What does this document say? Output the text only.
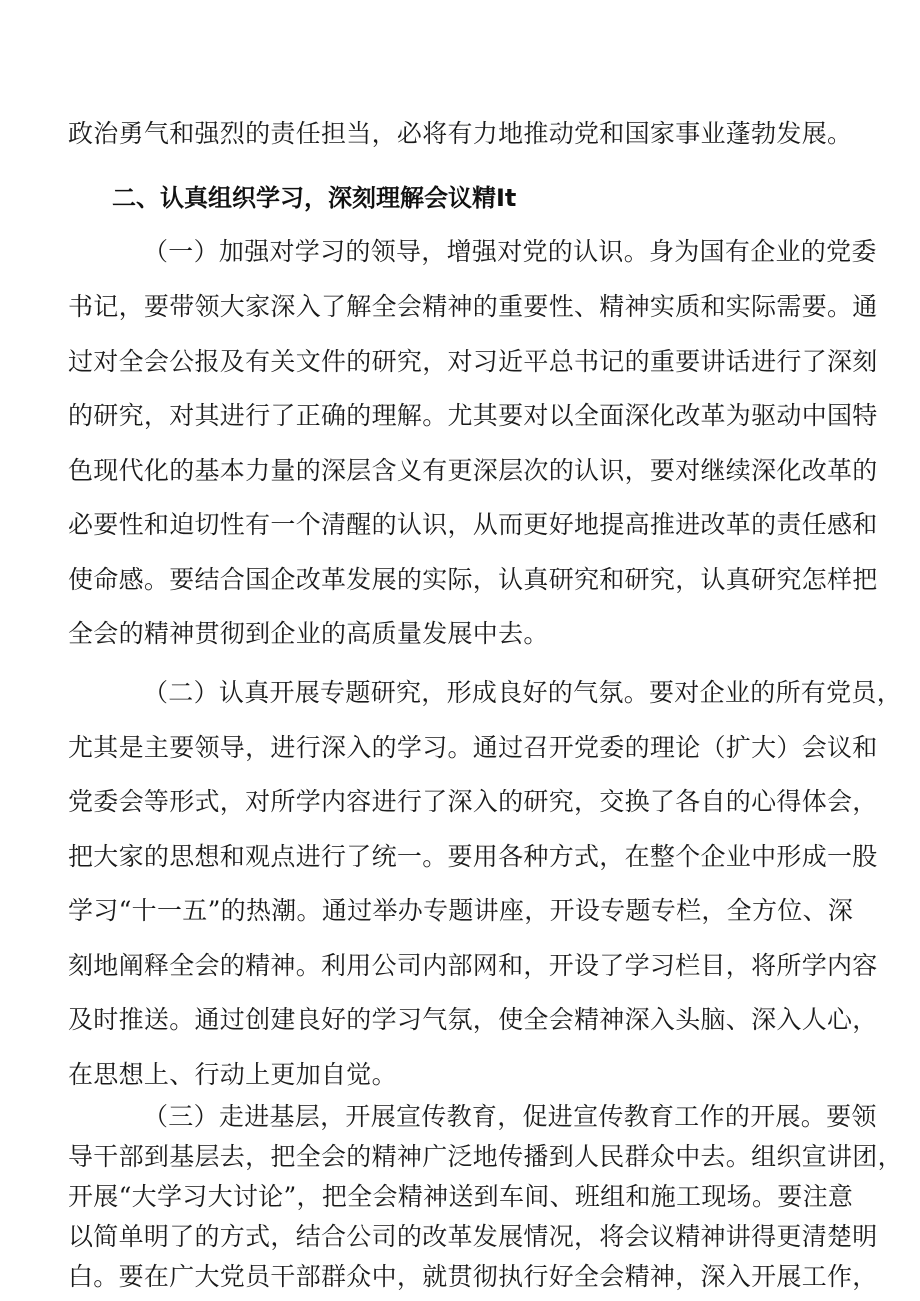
政治勇气和强烈的责任担当，必将有力地推动党和国家事业蓬勃发展。
二、认真组织学习，深刻理解会议精It
（一）加强对学习的领导，增强对党的认识。身为国有企业的党委
书记，要带领大家深入了解全会精神的重要性、精神实质和实际需要。通
过对全会公报及有关文件的研究，对习近平总书记的重要讲话进行了深刻
的研究，对其进行了正确的理解。尤其要对以全面深化改革为驱动中国特
色现代化的基本力量的深层含义有更深层次的认识，要对继续深化改革的
必要性和迫切性有一个清醒的认识，从而更好地提高推进改革的责任感和
使命感。要结合国企改革发展的实际，认真研究和研究，认真研究怎样把
全会的精神贯彻到企业的高质量发展中去。
（二）认真开展专题研究，形成良好的气氛。要对企业的所有党员，
尤其是主要领导，进行深入的学习。通过召开党委的理论（扩大）会议和
党委会等形式，对所学内容进行了深入的研究，交换了各自的心得体会，
把大家的思想和观点进行了统一。要用各种方式，在整个企业中形成一股
学习“十一五”的热潮。通过举办专题讲座，开设专题专栏，全方位、深
刻地阐释全会的精神。利用公司内部网和，开设了学习栏目，将所学内容
及时推送。通过创建良好的学习气氛，使全会精神深入头脑、深入人心，
在思想上、行动上更加自觉。
（三）走进基层，开展宣传教育，促进宣传教育工作的开展。要领
导干部到基层去，把全会的精神广泛地传播到人民群众中去。组织宣讲团，
开展“大学习大讨论”，把全会精神送到车间、班组和施工现场。要注意
以简单明了的方式，结合公司的改革发展情况，将会议精神讲得更清楚明
白。要在广大党员干部群众中，就贯彻执行好全会精神，深入开展工作，
